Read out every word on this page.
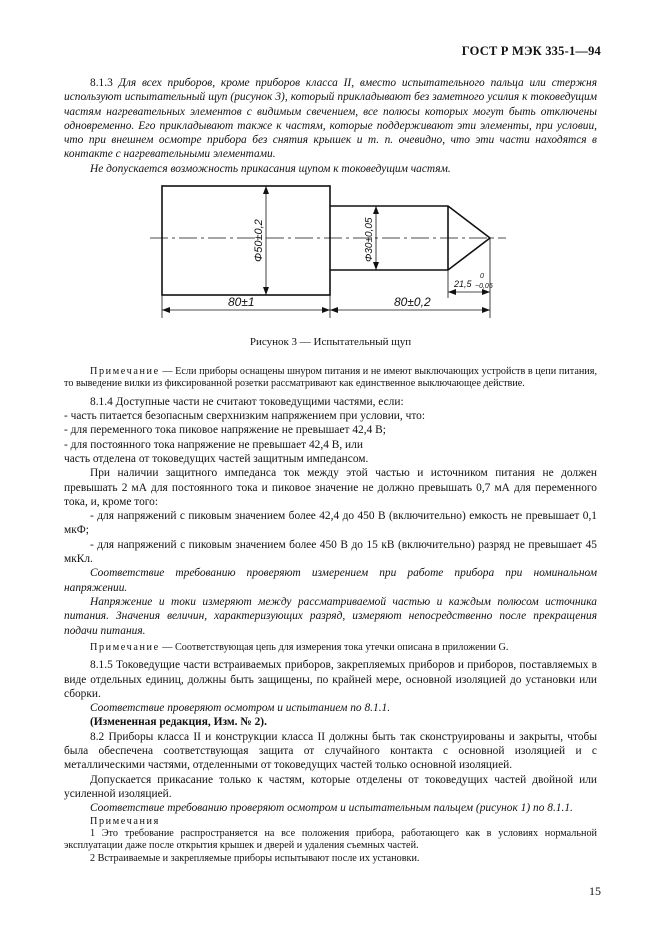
ГОСТ Р МЭК 335-1—94

8.1.3 Для всех приборов, кроме приборов класса II, вместо испытательного пальца или стержня используют испытательный щуп (рисунок 3), который прикладывают без заметного усилия к токоведущим частям нагревательных элементов с видимым свечением, все полюсы которых могут быть отключены одновременно. Его прикладывают также к частям, которые поддерживают эти элементы, при условии, что при внешнем осмотре прибора без снятия крышек и т. п. очевидно, что эти части находятся в контакте с нагревательными элементами.

Не допускается возможность прикасания щупом к токоведущим частям.

Φ50±0,2	Φ30±0,05
80±1	80±0,2
21,5
0
−0,05
Рисунок 3 — Испытательный щуп

Примечание — Если приборы оснащены шнуром питания и не имеют выключающих устройств в цепи питания, то выведение вилки из фиксированной розетки рассматривают как единственное выключающее действие.

8.1.4 Доступные части не считают токоведущими частями, если:

- часть питается безопасным сверхнизким напряжением при условии, что:

- для переменного тока пиковое напряжение не превышает 42,4 В;

- для постоянного тока напряжение не превышает 42,4 В, или

часть отделена от токоведущих частей защитным импедансом.

При наличии защитного импеданса ток между этой частью и источником питания не должен превышать 2 мА для постоянного тока и пиковое значение не должно превышать 0,7 мА для переменного тока, и, кроме того:

- для напряжений с пиковым значением более 42,4 до 450 В (включительно) емкость не превышает 0,1 мкФ;

- для напряжений с пиковым значением более 450 В до 15 кВ (включительно) разряд не превышает 45 мкКл.

Соответствие требованию проверяют измерением при работе прибора при номинальном напряжении.

Напряжение и токи измеряют между рассматриваемой частью и каждым полюсом источника питания. Значения величин, характеризующих разряд, измеряют непосредственно после прекращения подачи питания.

Примечание — Соответствующая цепь для измерения тока утечки описана в приложении G.

8.1.5 Токоведущие части встраиваемых приборов, закрепляемых приборов и приборов, поставляемых в виде отдельных единиц, должны быть защищены, по крайней мере, основной изоляцией до установки или сборки.

Соответствие проверяют осмотром и испытанием по 8.1.1.

(Измененная редакция, Изм. № 2).

8.2 Приборы класса II и конструкции класса II должны быть так сконструированы и закрыты, чтобы была обеспечена соответствующая защита от случайного контакта с основной изоляцией и с металлическими частями, отделенными от токоведущих частей только основной изоляцией.

Допускается прикасание только к частям, которые отделены от токоведущих частей двойной или усиленной изоляцией.

Соответствие требованию проверяют осмотром и испытательным пальцем (рисунок 1) по 8.1.1.

Примечания

1 Это требование распространяется на все положения прибора, работающего как в условиях нормальной эксплуатации даже после открытия крышек и дверей и удаления съемных частей.

2 Встраиваемые и закрепляемые приборы испытывают после их установки.

15
